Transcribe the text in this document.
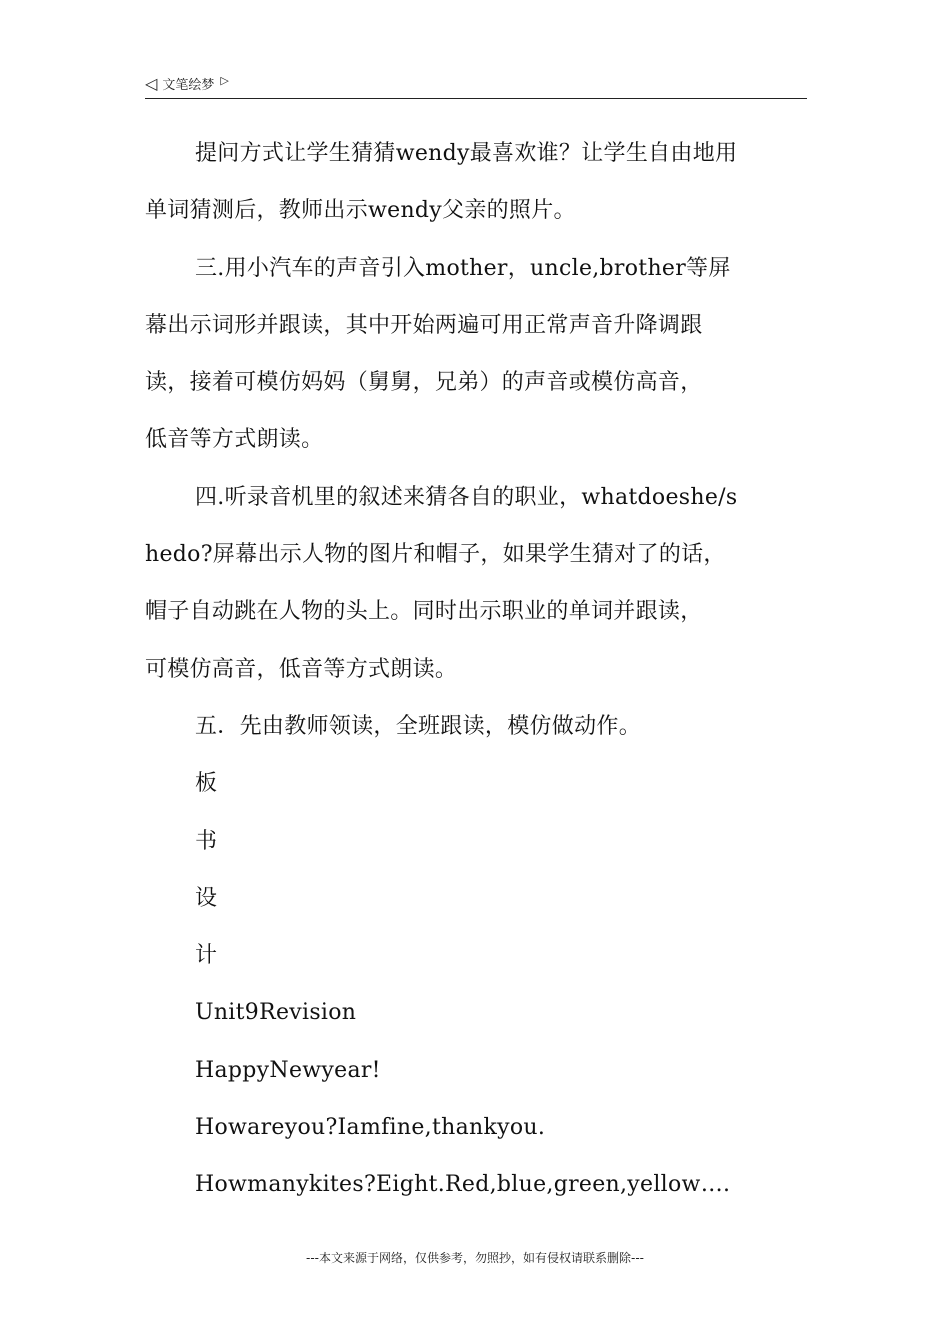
◁ 文笔绘梦 ▷
提问方式让学生猜猜wendy最喜欢谁？让学生自由地用
单词猜测后，教师出示wendy父亲的照片。
三.用小汽车的声音引入mother，uncle,brother等屏
幕出示词形并跟读，其中开始两遍可用正常声音升降调跟
读，接着可模仿妈妈（舅舅，兄弟）的声音或模仿高音，
低音等方式朗读。
四.听录音机里的叙述来猜各自的职业，whatdoeshe/s
hedo?屏幕出示人物的图片和帽子，如果学生猜对了的话，
帽子自动跳在人物的头上。同时出示职业的单词并跟读，
可模仿高音，低音等方式朗读。
五．先由教师领读，全班跟读，模仿做动作。
板
书
设
计
Unit9Revision
HappyNewyear!
Howareyou?Iamfine,thankyou.
Howmanykites?Eight.Red,blue,green,yellow….
---本文来源于网络，仅供参考，勿照抄，如有侵权请联系删除---
